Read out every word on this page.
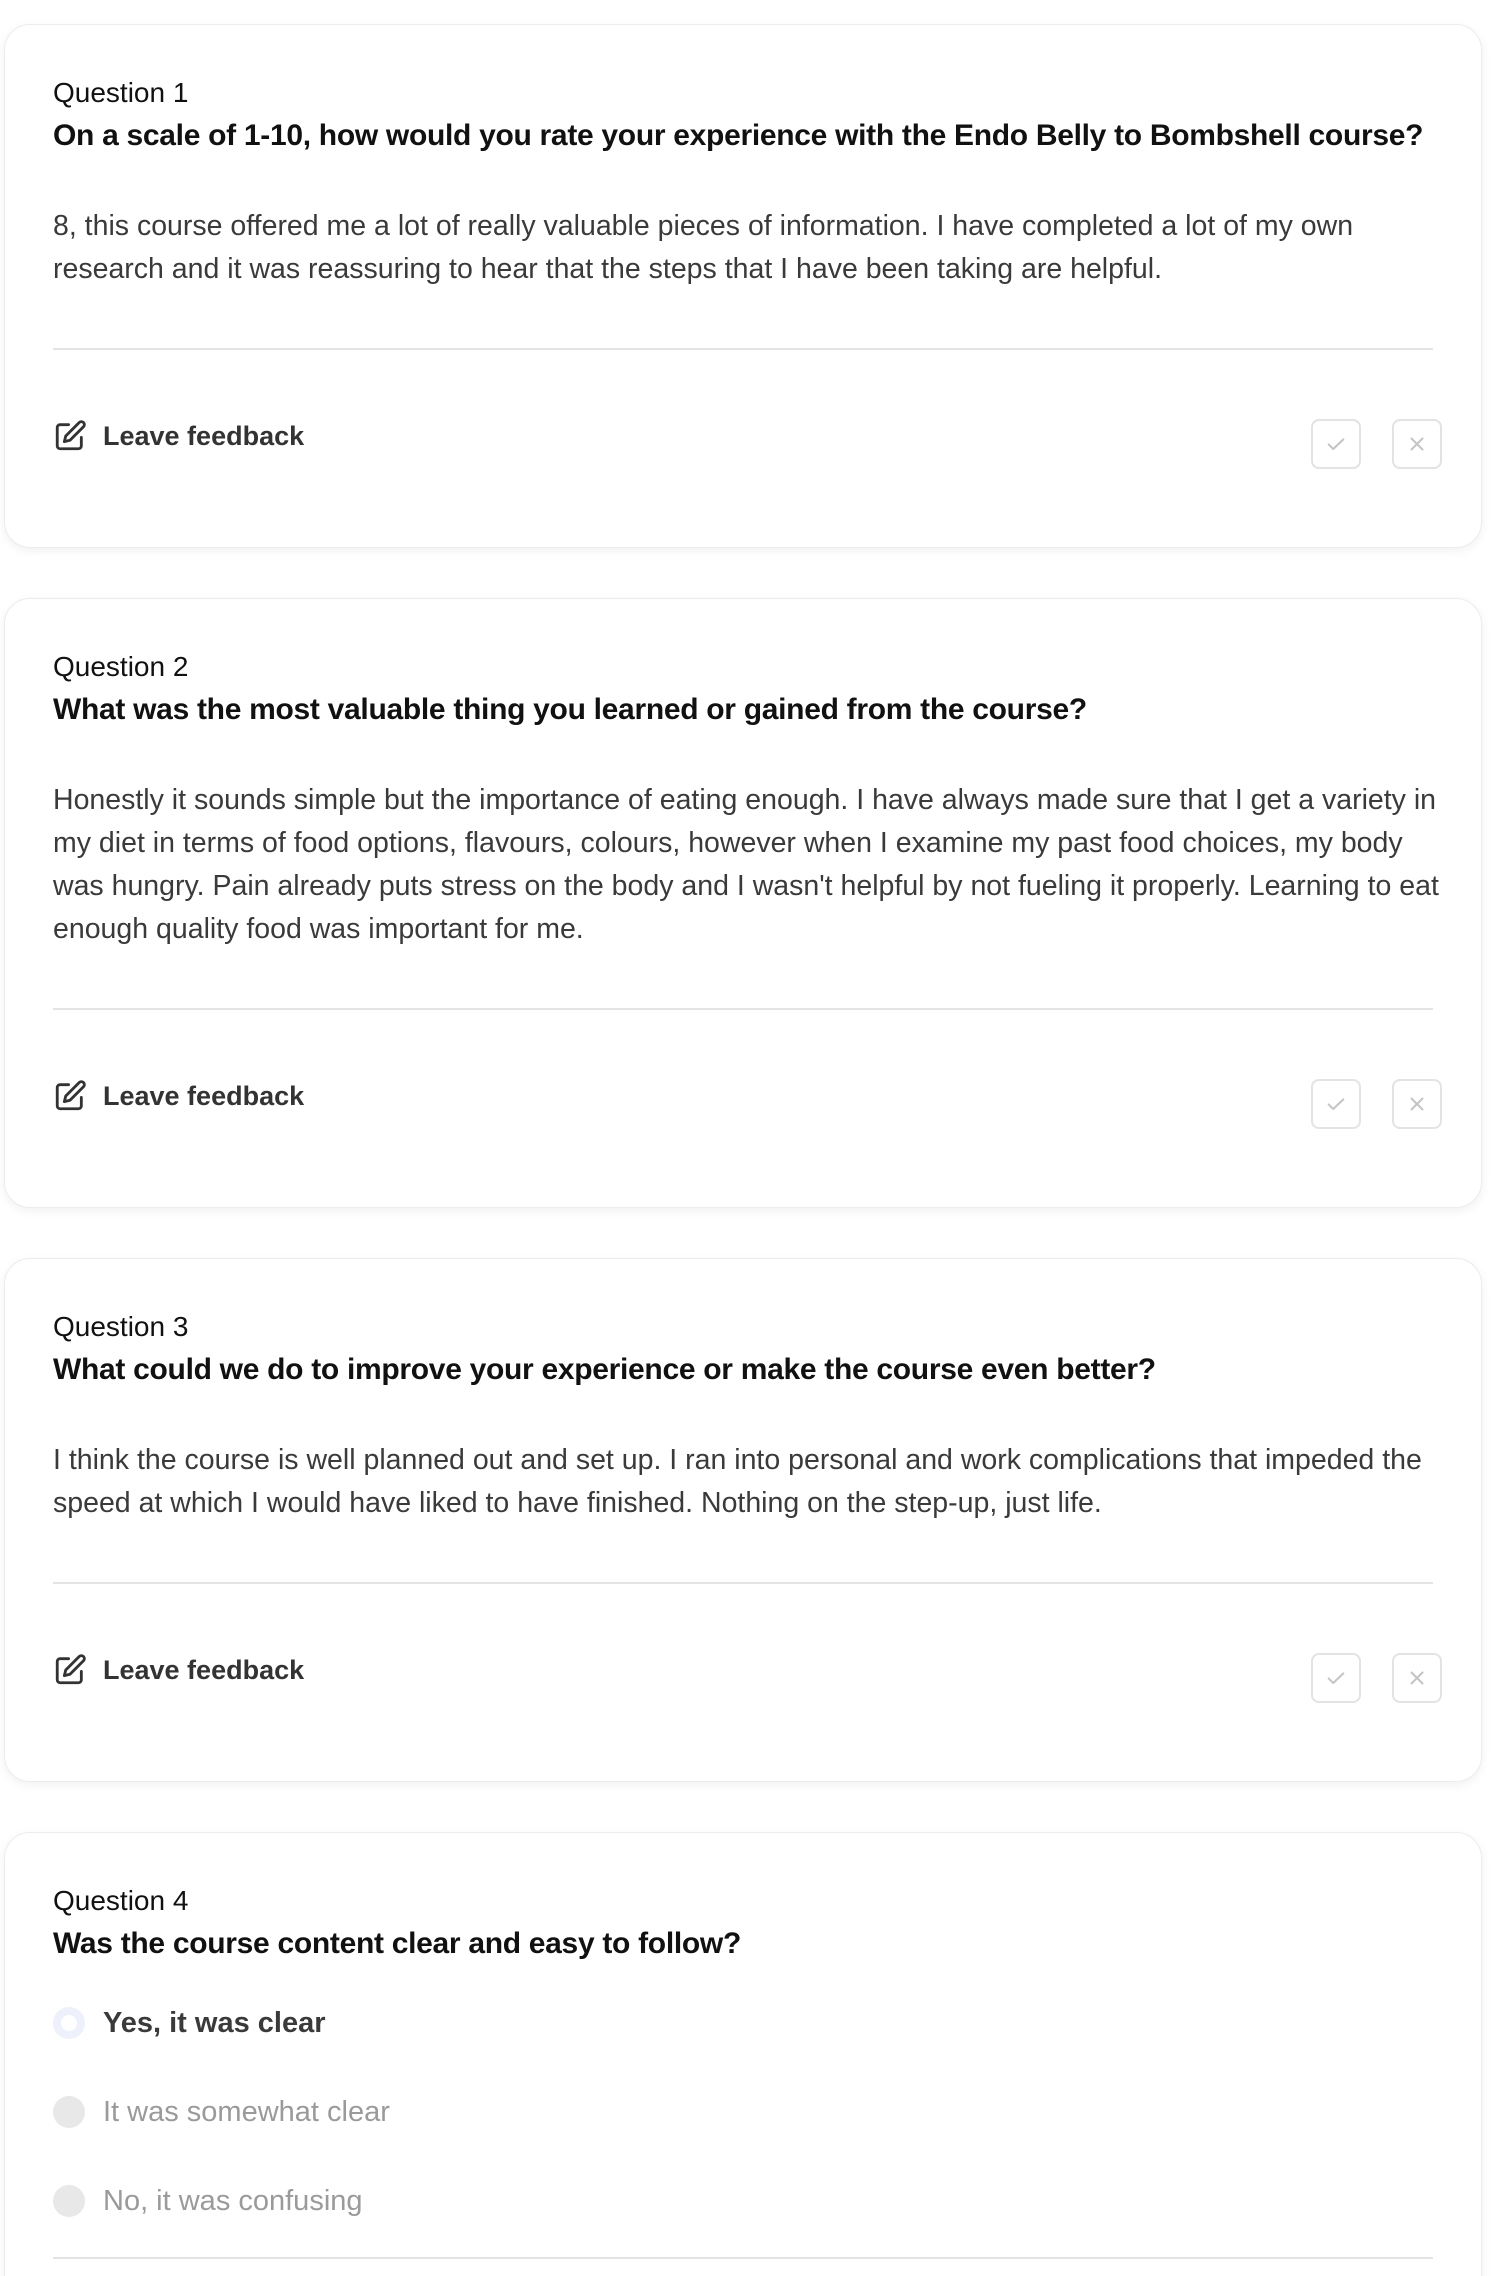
Question 1
On a scale of 1-10, how would you rate your experience with the Endo Belly to Bombshell course?
8, this course offered me a lot of really valuable pieces of information. I have completed a lot of my own research and it was reassuring to hear that the steps that I have been taking are helpful.
Leave feedback
Question 2
What was the most valuable thing you learned or gained from the course?
Honestly it sounds simple but the importance of eating enough. I have always made sure that I get a variety in my diet in terms of food options, flavours, colours, however when I examine my past food choices, my body was hungry. Pain already puts stress on the body and I wasn't helpful by not fueling it properly. Learning to eat enough quality food was important for me.
Leave feedback
Question 3
What could we do to improve your experience or make the course even better?
I think the course is well planned out and set up. I ran into personal and work complications that impeded the speed at which I would have liked to have finished. Nothing on the step-up, just life.
Leave feedback
Question 4
Was the course content clear and easy to follow?
Yes, it was clear
It was somewhat clear
No, it was confusing
